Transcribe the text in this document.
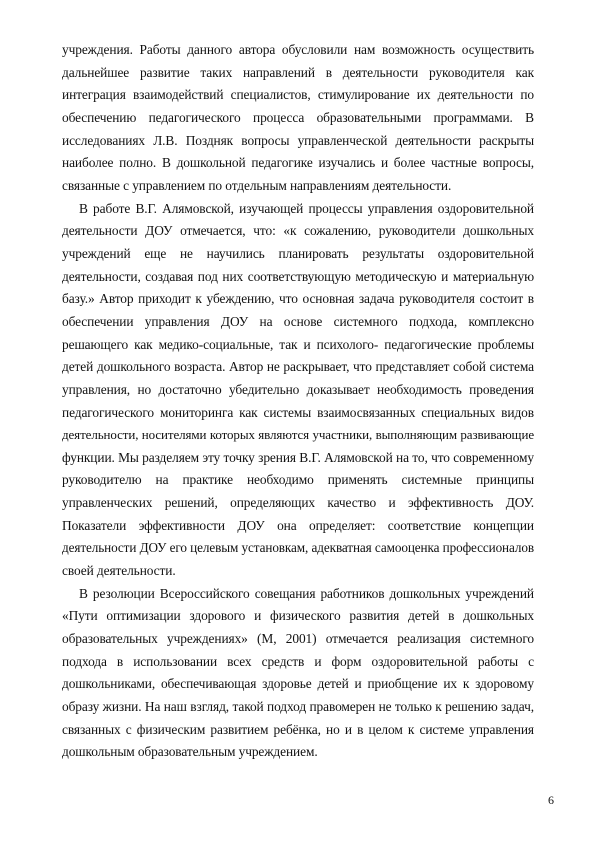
учреждения. Работы данного автора обусловили нам возможность осуществить
дальнейшее развитие таких направлений в деятельности руководителя как
интеграция взаимодействий специалистов, стимулирование их деятельности по
обеспечению педагогического процесса образовательными программами. В
исследованиях Л.В. Поздняк вопросы управленческой деятельности раскрыты
наиболее полно. В дошкольной педагогике изучались и более частные вопросы,
связанные с управлением по отдельным направлениям деятельности.
В работе В.Г. Алямовской, изучающей процессы управления оздоровительной
деятельности ДОУ отмечается, что: «к сожалению, руководители дошкольных
учреждений еще не научились планировать результаты оздоровительной
деятельности, создавая под них соответствующую методическую и материальную
базу.» Автор приходит к убеждению, что основная задача руководителя состоит в
обеспечении управления ДОУ на основе системного подхода, комплексно
решающего как медико-социальные, так и психолого- педагогические проблемы
детей дошкольного возраста. Автор не раскрывает, что представляет собой система
управления, но достаточно убедительно доказывает необходимость проведения
педагогического мониторинга как системы взаимосвязанных специальных видов
деятельности, носителями которых являются участники, выполняющим развивающие
функции. Мы разделяем эту точку зрения В.Г. Алямовской на то, что современному
руководителю на практике необходимо применять системные принципы
управленческих решений, определяющих качество и эффективность ДОУ.
Показатели эффективности ДОУ она определяет: соответствие концепции
деятельности ДОУ его целевым установкам, адекватная самооценка профессионалов
своей деятельности.
В резолюции Всероссийского совещания работников дошкольных учреждений
«Пути оптимизации здорового и физического развития детей в дошкольных
образовательных учреждениях» (М, 2001) отмечается реализация системного
подхода в использовании всех средств и форм оздоровительной работы с
дошкольниками, обеспечивающая здоровье детей и приобщение их к здоровому
образу жизни. На наш взгляд, такой подход правомерен не только к решению задач,
связанных с физическим развитием ребёнка, но и в целом к системе управления
дошкольным образовательным учреждением.
6
